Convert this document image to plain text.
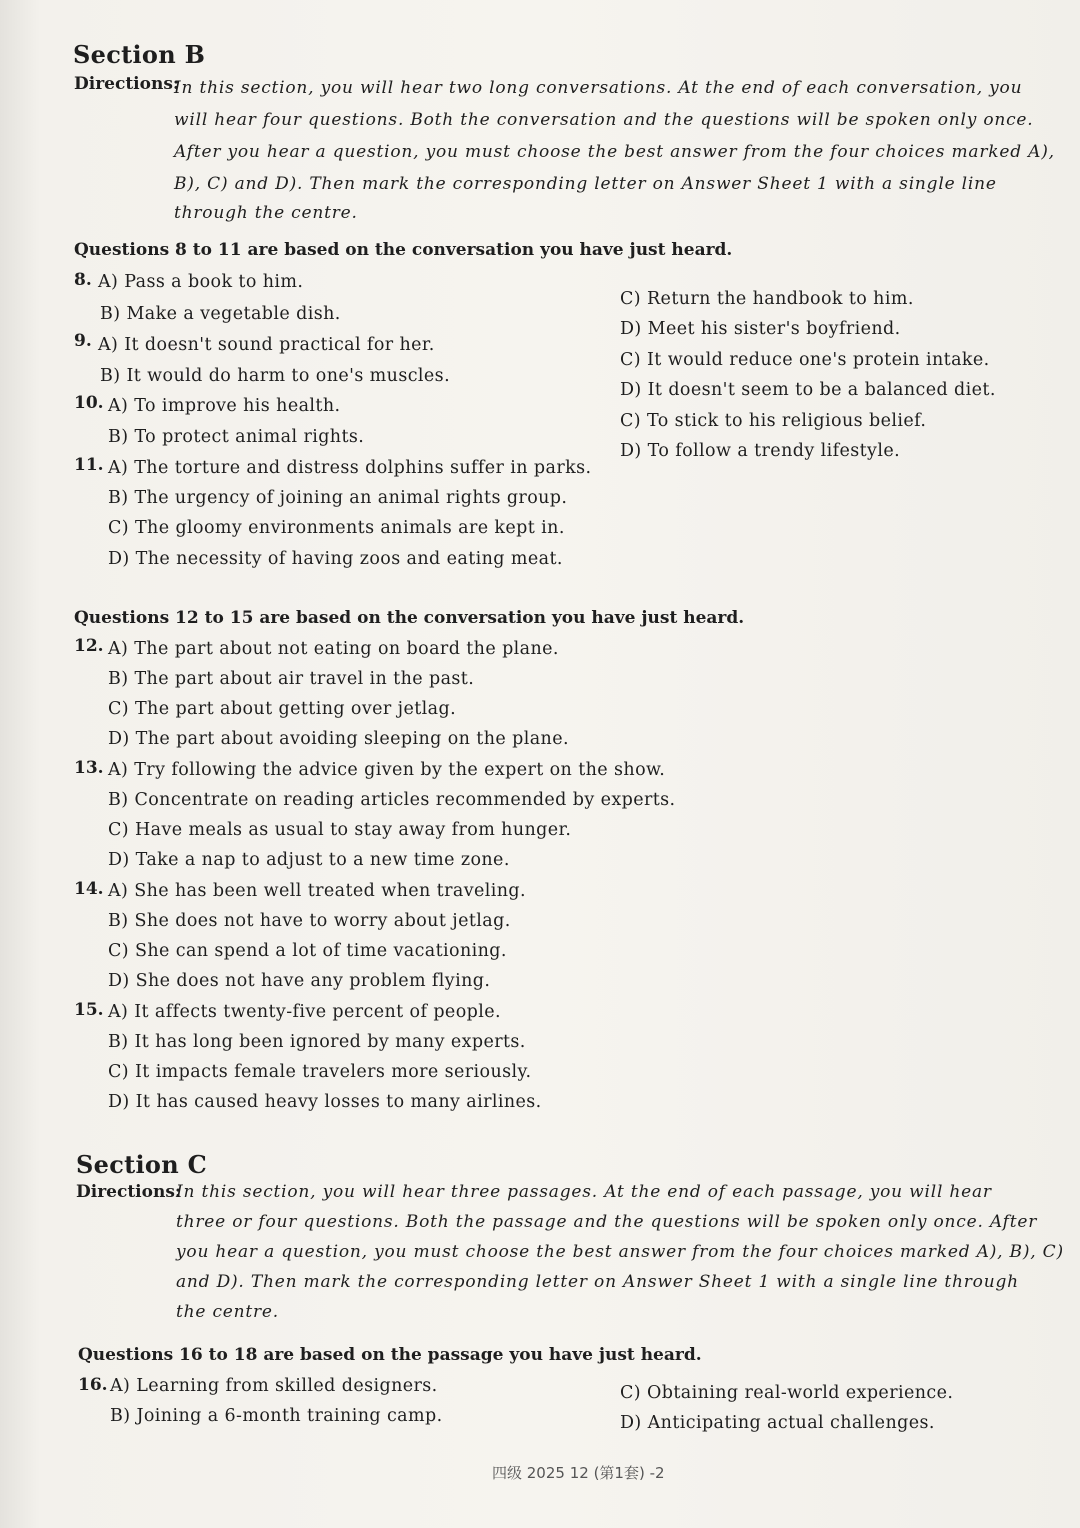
Section B
Directions:
In this section, you will hear two long conversations. At the end of each conversation, you
will hear four questions. Both the conversation and the questions will be spoken only once.
After you hear a question, you must choose the best answer from the four choices marked A),
B), C) and D). Then mark the corresponding letter on Answer Sheet 1 with a single line
through the centre.
Questions 8 to 11 are based on the conversation you have just heard.
8. A) Pass a book to him.
B) Make a vegetable dish.
C) Return the handbook to him.
D) Meet his sister's boyfriend.
9. A) It doesn't sound practical for her.
B) It would do harm to one's muscles.
C) It would reduce one's protein intake.
D) It doesn't seem to be a balanced diet.
10. A) To improve his health.
B) To protect animal rights.
C) To stick to his religious belief.
D) To follow a trendy lifestyle.
11. A) The torture and distress dolphins suffer in parks.
B) The urgency of joining an animal rights group.
C) The gloomy environments animals are kept in.
D) The necessity of having zoos and eating meat.
Questions 12 to 15 are based on the conversation you have just heard.
12. A) The part about not eating on board the plane.
B) The part about air travel in the past.
C) The part about getting over jetlag.
D) The part about avoiding sleeping on the plane.
13. A) Try following the advice given by the expert on the show.
B) Concentrate on reading articles recommended by experts.
C) Have meals as usual to stay away from hunger.
D) Take a nap to adjust to a new time zone.
14. A) She has been well treated when traveling.
B) She does not have to worry about jetlag.
C) She can spend a lot of time vacationing.
D) She does not have any problem flying.
15. A) It affects twenty-five percent of people.
B) It has long been ignored by many experts.
C) It impacts female travelers more seriously.
D) It has caused heavy losses to many airlines.
Section C
Directions:
In this section, you will hear three passages. At the end of each passage, you will hear
three or four questions. Both the passage and the questions will be spoken only once. After
you hear a question, you must choose the best answer from the four choices marked A), B), C)
and D). Then mark the corresponding letter on Answer Sheet 1 with a single line through
the centre.
Questions 16 to 18 are based on the passage you have just heard.
16. A) Learning from skilled designers.
B) Joining a 6-month training camp.
C) Obtaining real-world experience.
D) Anticipating actual challenges.
四级 2025 12 (第1套) -2
